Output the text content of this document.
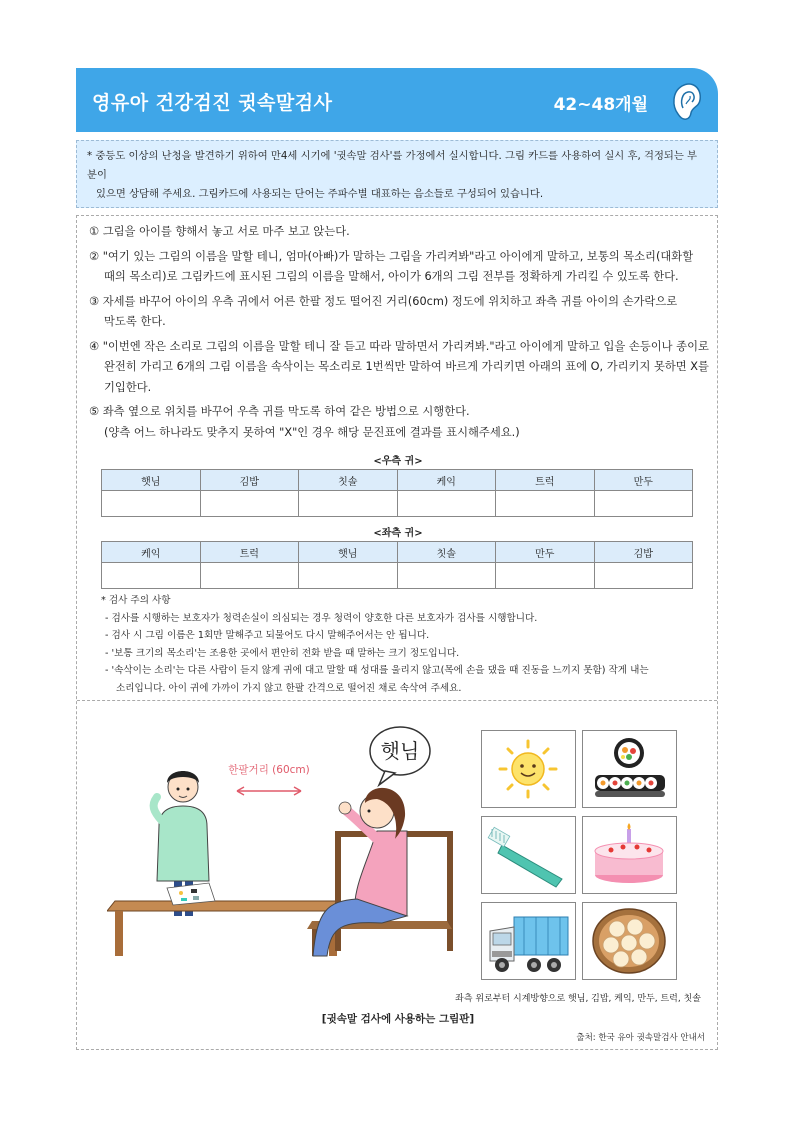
영유아 건강검진 귓속말검사	42~48개월
* 중등도 이상의 난청을 발견하기 위하여 만4세 시기에 '귓속말 검사'를 가정에서 실시합니다. 그림 카드를 사용하여 실시 후, 걱정되는 부분이
있으면 상담해 주세요. 그림카드에 사용되는 단어는 주파수별 대표하는 음소들로 구성되어 있습니다.
① 그림을 아이를 향해서 놓고 서로 마주 보고 앉는다.
② "여기 있는 그림의 이름을 말할 테니, 엄마(아빠)가 말하는 그림을 가리켜봐"라고 아이에게 말하고, 보통의 목소리(대화할
때의 목소리)로 그림카드에 표시된 그림의 이름을 말해서, 아이가 6개의 그림 전부를 정확하게 가리킬 수 있도록 한다.
③ 자세를 바꾸어 아이의 우측 귀에서 어른 한팔 정도 떨어진 거리(60cm) 정도에 위치하고 좌측 귀를 아이의 손가락으로
막도록 한다.
④ "이번엔 작은 소리로 그림의 이름을 말할 테니 잘 듣고 따라 말하면서 가리켜봐."라고 아이에게 말하고 입을 손등이나 종이로
완전히 가리고 6개의 그림 이름을 속삭이는 목소리로 1번씩만 말하여 바르게 가리키면 아래의 표에 O, 가리키지 못하면 X를
기입한다.
⑤ 좌측 옆으로 위치를 바꾸어 우측 귀를 막도록 하여 같은 방법으로 시행한다.
(양측 어느 하나라도 맞추지 못하여 "X"인 경우 해당 문진표에 결과를 표시해주세요.)
<우측 귀>
햇님	김밥	칫솔	케익	트럭	만두

<좌측 귀>
케익	트럭	햇님	칫솔	만두	김밥

* 검사 주의 사항
- 검사를 시행하는 보호자가 청력손실이 의심되는 경우 청력이 양호한 다른 보호자가 검사를 시행합니다.
- 검사 시 그림 이름은 1회만 말해주고 되물어도 다시 말해주어서는 안 됩니다.
- '보통 크기의 목소리'는 조용한 곳에서 편안히 전화 받을 때 말하는 크기 정도입니다.
- '속삭이는 소리'는 다른 사람이 듣지 않게 귀에 대고 말할 때 성대를 울리지 않고(목에 손을 댔을 때 진동을 느끼지 못함) 작게 내는
소리입니다. 아이 귀에 가까이 가지 않고 한팔 간격으로 떨어진 채로 속삭여 주세요.
햇님
한팔거리 (60cm)
좌측 위로부터 시계방향으로 햇님, 김밥, 케익, 만두, 트럭, 칫솔
[귓속말 검사에 사용하는 그림판]
출처: 한국 유아 귓속말검사 안내서
